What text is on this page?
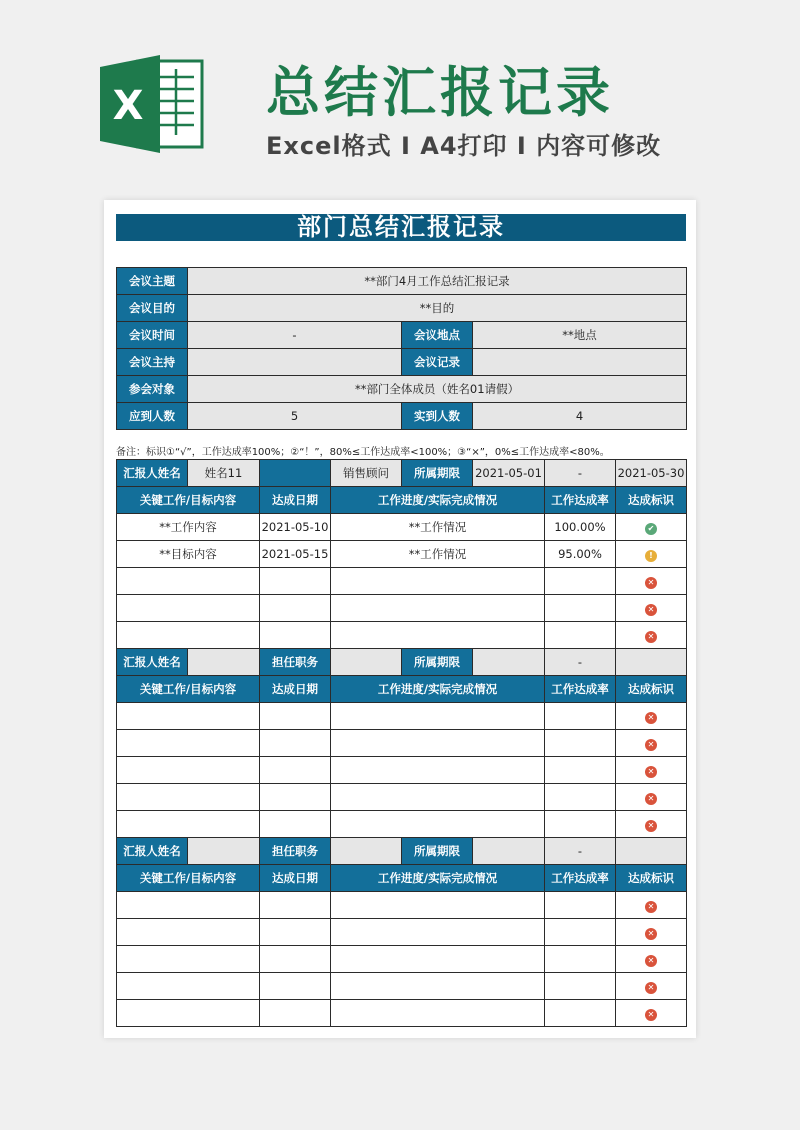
X 总结汇报记录
Excel格式 I A4打印 I 内容可修改
部门总结汇报记录
会议主题	**部门4月工作总结汇报记录		
会议目的	**目的		
会议时间	-	会议地点	**地点
会议主持		会议记录	
参会对象	**部门全体成员（姓名01请假）		
应到人数	5	实到人数	4
备注：标识①“√”，工作达成率100%；②“！”，80%≤工作达成率<100%；③“×”，0%≤工作达成率<80%。
汇报人姓名	姓名11		销售顾问	所属期限	2021-05-01	-	2021-05-30
关键工作/目标内容		达成日期	工作进度/实际完成情况			工作达成率	达成标识
**工作内容		2021-05-10	**工作情况			100.00%	✔
**目标内容		2021-05-15	**工作情况			95.00%	!
							✕
							✕
							✕
汇报人姓名		担任职务		所属期限		-	
关键工作/目标内容		达成日期	工作进度/实际完成情况			工作达成率	达成标识
							✕
							✕
							✕
							✕
							✕
汇报人姓名		担任职务		所属期限		-	
关键工作/目标内容		达成日期	工作进度/实际完成情况			工作达成率	达成标识
							✕
							✕
							✕
							✕
							✕
